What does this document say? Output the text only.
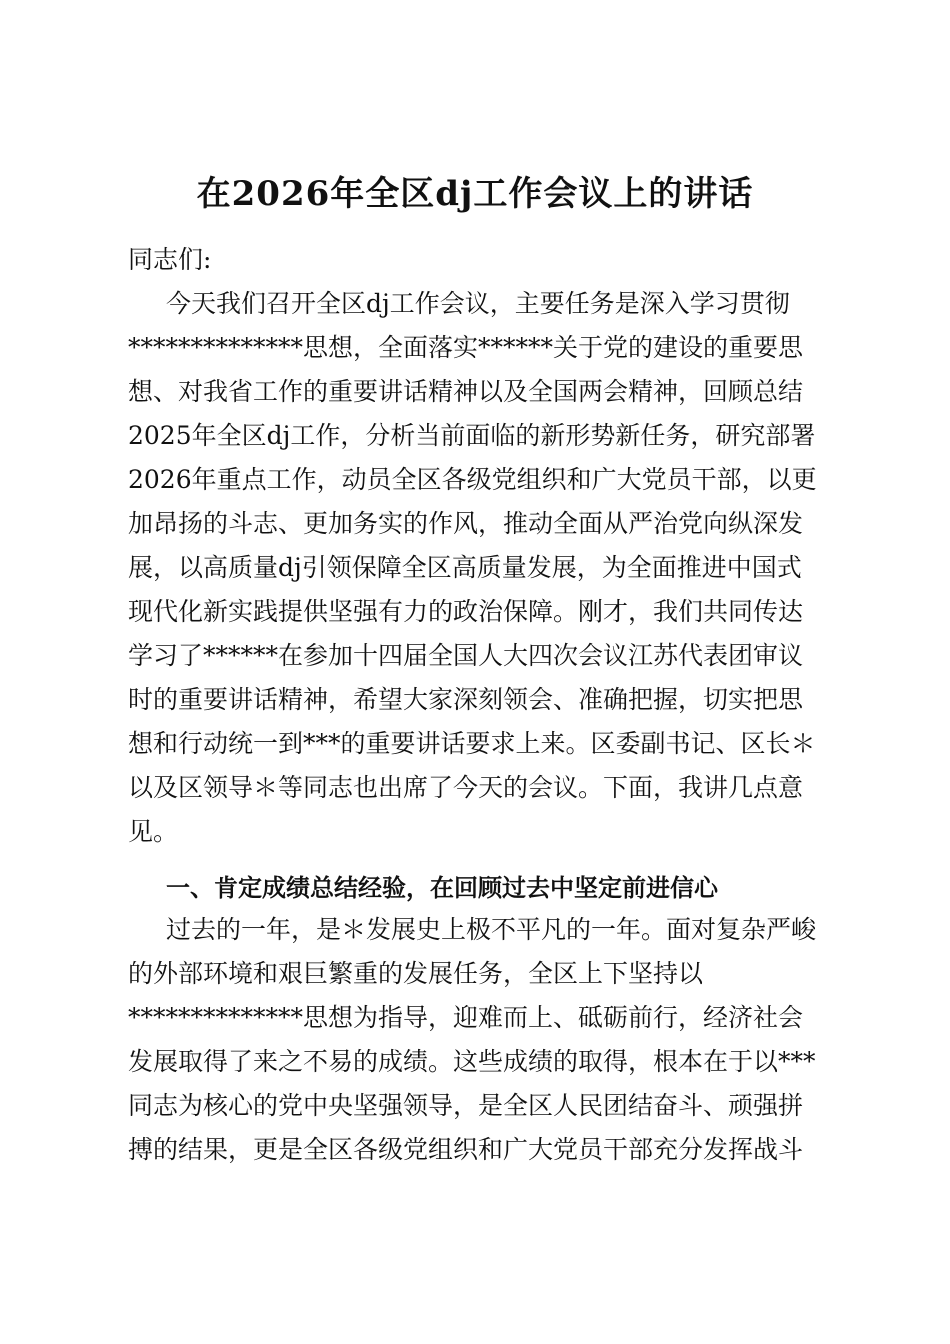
在2026年全区dj工作会议上的讲话
同志们:
今天我们召开全区dj工作会议，主要任务是深入学习贯彻
**************思想，全面落实******关于党的建设的重要思
想、对我省工作的重要讲话精神以及全国两会精神，回顾总结
2025年全区dj工作，分析当前面临的新形势新任务，研究部署
2026年重点工作，动员全区各级党组织和广大党员干部，以更
加昂扬的斗志、更加务实的作风，推动全面从严治党向纵深发
展，以高质量dj引领保障全区高质量发展，为全面推进中国式
现代化新实践提供坚强有力的政治保障。刚才，我们共同传达
学习了******在参加十四届全国人大四次会议江苏代表团审议
时的重要讲话精神，希望大家深刻领会、准确把握，切实把思
想和行动统一到***的重要讲话要求上来。区委副书记、区长＊
以及区领导＊等同志也出席了今天的会议。下面，我讲几点意
见。
一、肯定成绩总结经验，在回顾过去中坚定前进信心
过去的一年，是＊发展史上极不平凡的一年。面对复杂严峻
的外部环境和艰巨繁重的发展任务，全区上下坚持以
**************思想为指导，迎难而上、砥砺前行，经济社会
发展取得了来之不易的成绩。这些成绩的取得，根本在于以***
同志为核心的党中央坚强领导，是全区人民团结奋斗、顽强拼
搏的结果，更是全区各级党组织和广大党员干部充分发挥战斗
